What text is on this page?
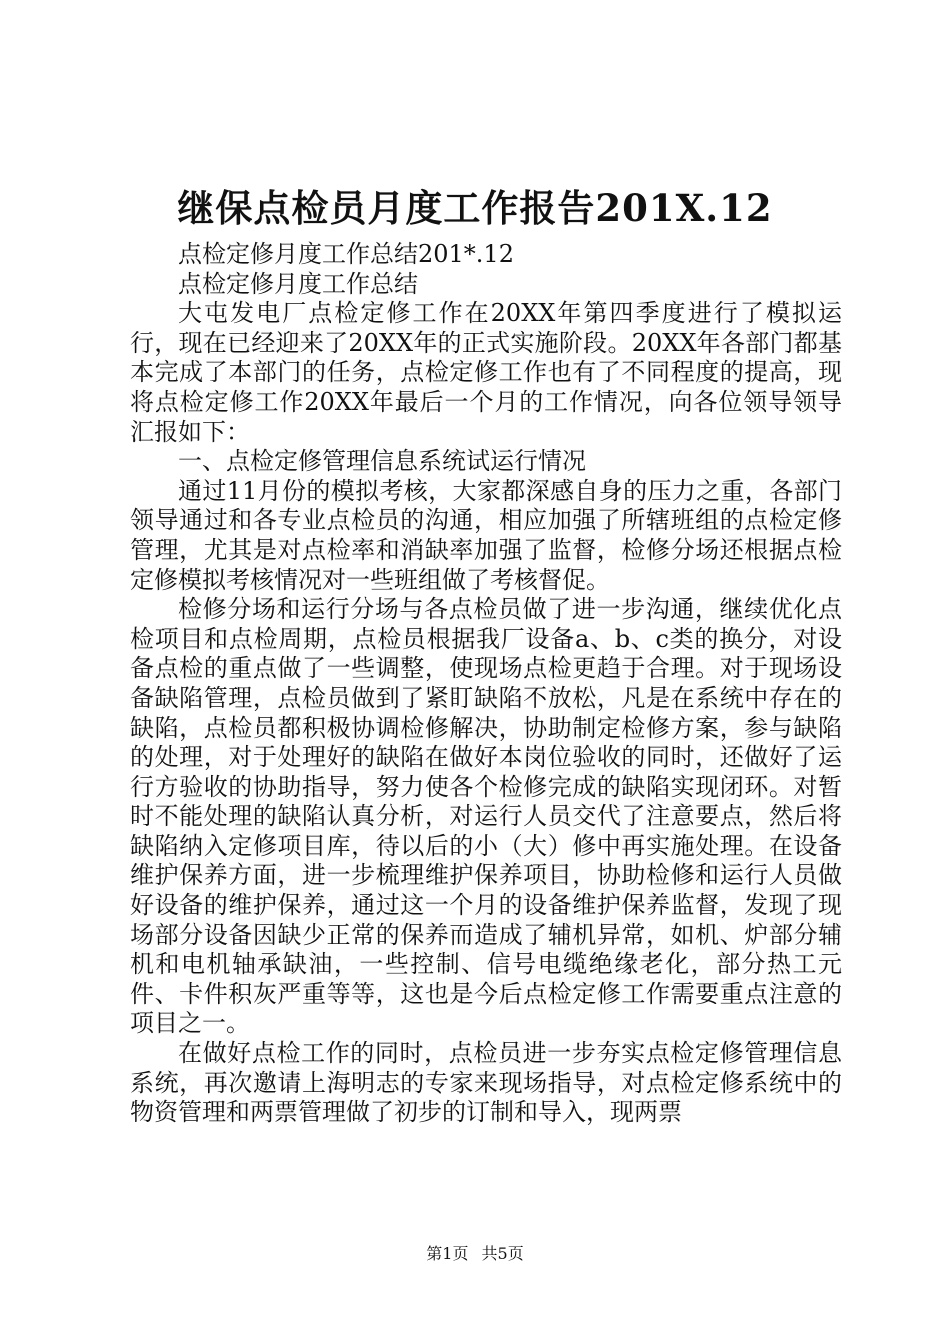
继保点检员月度工作报告201X.12

点检定修月度工作总结201*.12

点检定修月度工作总结

大屯发电厂点检定修工作在20XX年第四季度进行了模拟运行，现在已经迎来了20XX年的正式实施阶段。20XX年各部门都基本完成了本部门的任务，点检定修工作也有了不同程度的提高，现将点检定修工作20XX年最后一个月的工作情况，向各位领导领导汇报如下：

一、点检定修管理信息系统试运行情况

通过11月份的模拟考核，大家都深感自身的压力之重，各部门领导通过和各专业点检员的沟通，相应加强了所辖班组的点检定修管理，尤其是对点检率和消缺率加强了监督，检修分场还根据点检定修模拟考核情况对一些班组做了考核督促。

检修分场和运行分场与各点检员做了进一步沟通，继续优化点检项目和点检周期，点检员根据我厂设备a、b、c类的换分，对设备点检的重点做了一些调整，使现场点检更趋于合理。对于现场设备缺陷管理，点检员做到了紧盯缺陷不放松，凡是在系统中存在的缺陷，点检员都积极协调检修解决，协助制定检修方案，参与缺陷的处理，对于处理好的缺陷在做好本岗位验收的同时，还做好了运行方验收的协助指导，努力使各个检修完成的缺陷实现闭环。对暂时不能处理的缺陷认真分析，对运行人员交代了注意要点，然后将缺陷纳入定修项目库，待以后的小（大）修中再实施处理。在设备维护保养方面，进一步梳理维护保养项目，协助检修和运行人员做好设备的维护保养，通过这一个月的设备维护保养监督，发现了现场部分设备因缺少正常的保养而造成了辅机异常，如机、炉部分辅机和电机轴承缺油，一些控制、信号电缆绝缘老化，部分热工元件、卡件积灰严重等等，这也是今后点检定修工作需要重点注意的项目之一。

在做好点检工作的同时，点检员进一步夯实点检定修管理信息系统，再次邀请上海明志的专家来现场指导，对点检定修系统中的物资管理和两票管理做了初步的订制和导入，现两票

第1页 共5页
